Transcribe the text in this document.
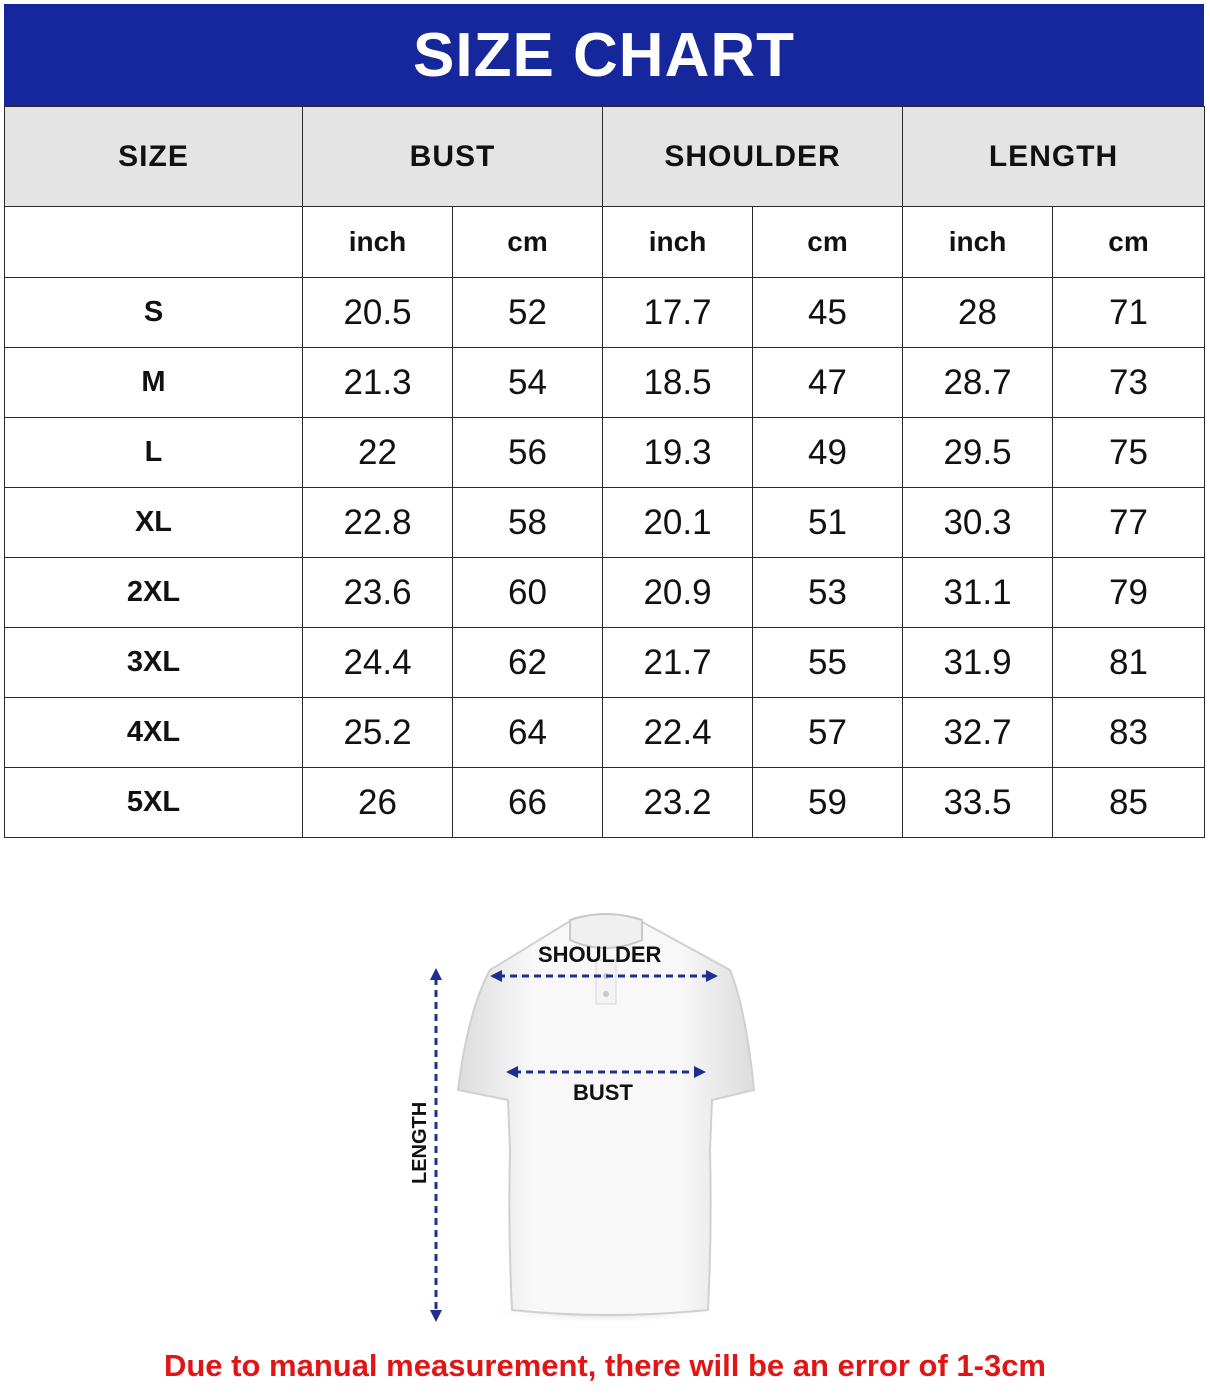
SIZE CHART
SIZE	BUST		SHOULDER		LENGTH	
	inch	cm	inch	cm	inch	cm
S	20.5	52	17.7	45	28	71
M	21.3	54	18.5	47	28.7	73
L	22	56	19.3	49	29.5	75
XL	22.8	58	20.1	51	30.3	77
2XL	23.6	60	20.9	53	31.1	79
3XL	24.4	62	21.7	55	31.9	81
4XL	25.2	64	22.4	57	32.7	83
5XL	26	66	23.2	59	33.5	85
SHOULDER
BUST
LENGTH
Due to manual measurement, there will be an error of 1-3cm
